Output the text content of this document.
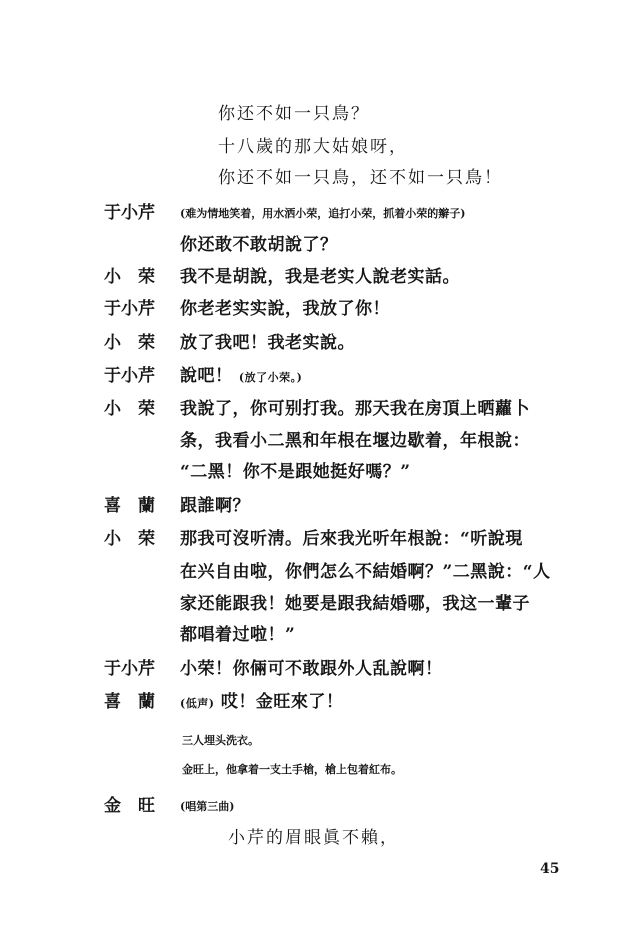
你还不如一只鳥？
十八歲的那大姑娘呀，
你还不如一只鳥，还不如一只鳥！
于小芹 (难为情地笑着，用水洒小荣，追打小荣，抓着小荣的辮子)
你还敢不敢胡說了？
小　荣 我不是胡說，我是老实人說老实話。
于小芹 你老老实实說，我放了你！
小　荣 放了我吧！我老实說。
于小芹 說吧！ (放了小荣。)
小　荣 我說了，你可别打我。那天我在房頂上晒蘿卜
条，我看小二黑和年根在堰边歇着，年根說：
“二黑！你不是跟她挺好嗎？”
喜　蘭 跟誰啊？
小　荣 那我可沒听淸。后來我光听年根說：“听說現
在兴自由啦，你們怎么不結婚啊？”二黑說：“人
家还能跟我！她要是跟我結婚哪，我这一輩子
都唱着过啦！”
于小芹 小荣！你倆可不敢跟外人乱說啊！
喜　蘭 (低声) 哎！金旺來了！
三人埋头洗衣。
金旺上，他拿着一支土手槍，槍上包着紅布。
金　旺 (唱第三曲)
小芹的眉眼眞不賴，
45
